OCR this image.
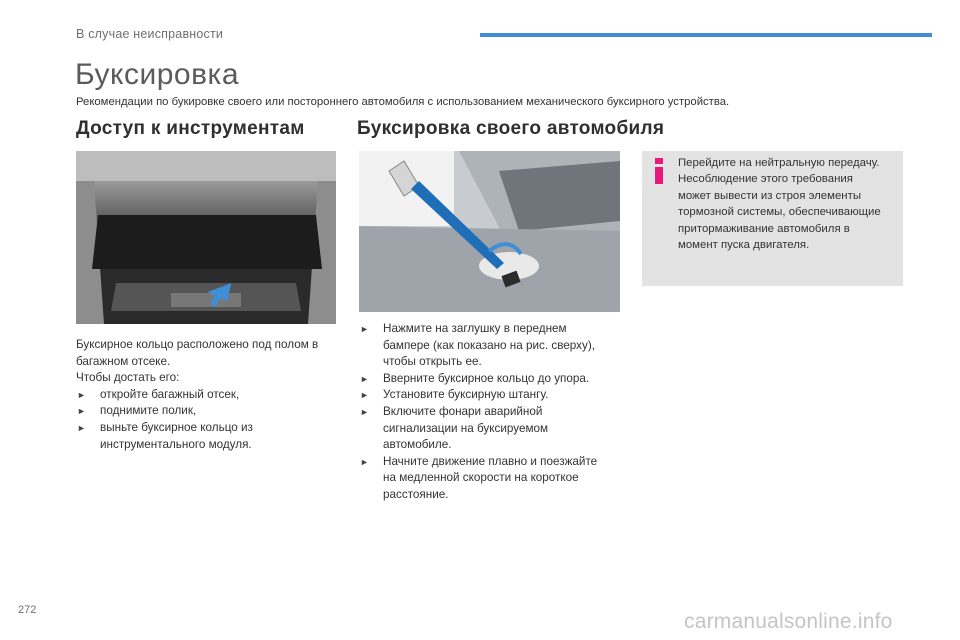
В случае неисправности
Буксировка
Рекомендации по букировке своего или постороннего автомобиля с использованием механического буксирного устройства.
Доступ к инструментам	Буксировка своего автомобиля
Буксирное кольцо расположено под полом в
багажном отсеке.
Чтобы достать его:
► откройте багажный отсек,
► поднимите полик,
► выньте буксирное кольцо из
инструментального модуля.
► Нажмите на заглушку в переднем
бампере (как показано на рис. сверху),
чтобы открыть ее.
► Вверните буксирное кольцо до упора.
► Установите буксирную штангу.
► Включите фонари аварийной
сигнализации на буксируемом
автомобиле.
► Начните движение плавно и поезжайте
на медленной скорости на короткое
расстояние.
Перейдите на нейтральную передачу.
Несоблюдение этого требования
может вывести из строя элементы
тормозной системы, обеспечивающие
притормаживание автомобиля в
момент пуска двигателя.
272	carmanualsonline.info
